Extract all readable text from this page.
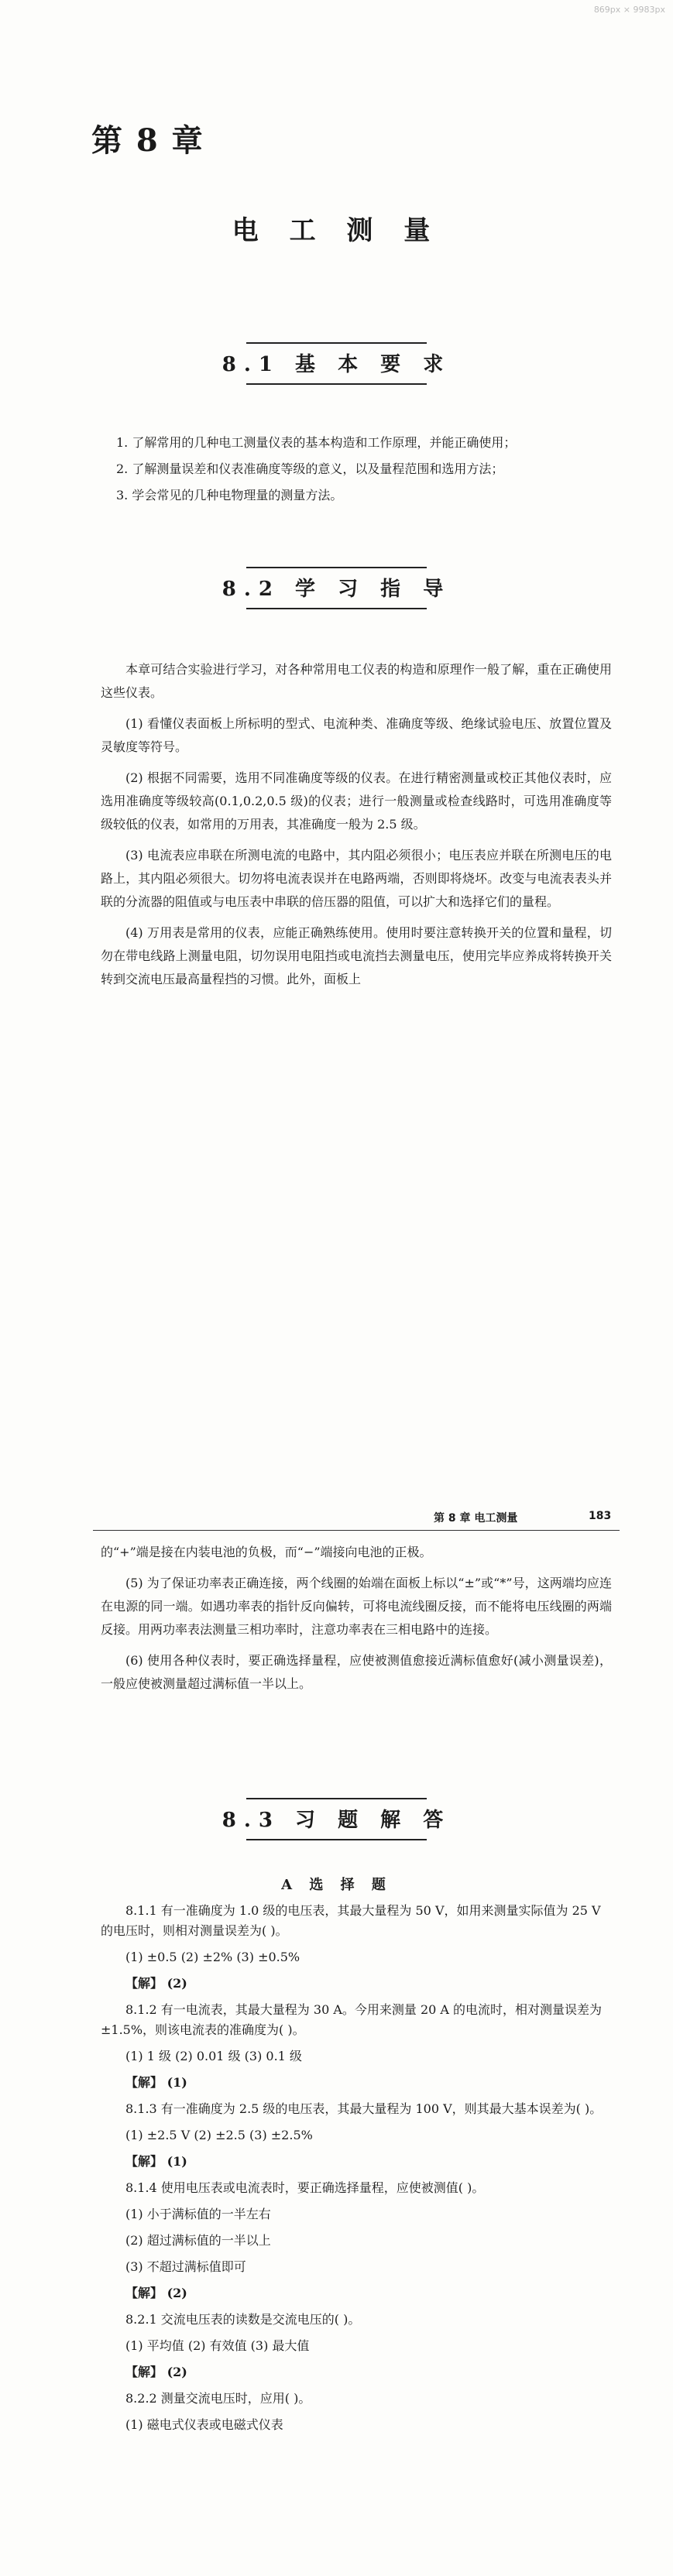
869px × 9983px
第 8 章
电 工 测 量
8.1 基 本 要 求

1. 了解常用的几种电工测量仪表的基本构造和工作原理，并能正确使用；

2. 了解测量误差和仪表准确度等级的意义，以及量程范围和选用方法；

3. 学会常见的几种电物理量的测量方法。

8.2 学 习 指 导

本章可结合实验进行学习，对各种常用电工仪表的构造和原理作一般了解，重在正确使用这些仪表。

(1) 看懂仪表面板上所标明的型式、电流种类、准确度等级、绝缘试验电压、放置位置及灵敏度等符号。

(2) 根据不同需要，选用不同准确度等级的仪表。在进行精密测量或校正其他仪表时，应选用准确度等级较高(0.1,0.2,0.5 级)的仪表；进行一般测量或检查线路时，可选用准确度等级较低的仪表，如常用的万用表，其准确度一般为 2.5 级。

(3) 电流表应串联在所测电流的电路中，其内阻必须很小；电压表应并联在所测电压的电路上，其内阻必须很大。切勿将电流表误并在电路两端，否则即将烧坏。改变与电流表表头并联的分流器的阻值或与电压表中串联的倍压器的阻值，可以扩大和选择它们的量程。

(4) 万用表是常用的仪表，应能正确熟练使用。使用时要注意转换开关的位置和量程，切勿在带电线路上测量电阻，切勿误用电阻挡或电流挡去测量电压，使用完毕应养成将转换开关转到交流电压最高量程挡的习惯。此外，面板上

第 8 章 电工测量	183

的“+”端是接在内装电池的负极，而“−”端接向电池的正极。

(5) 为了保证功率表正确连接，两个线圈的始端在面板上标以“±”或“*”号，这两端均应连在电源的同一端。如遇功率表的指针反向偏转，可将电流线圈反接，而不能将电压线圈的两端反接。用两功率表法测量三相功率时，注意功率表在三相电路中的连接。

(6) 使用各种仪表时，要正确选择量程，应使被测值愈接近满标值愈好(减小测量误差)，一般应使被测量超过满标值一半以上。

8.3 习 题 解 答
A 选 择 题

8.1.1 有一准确度为 1.0 级的电压表，其最大量程为 50 V，如用来测量实际值为 25 V 的电压时，则相对测量误差为( )。

(1) ±0.5 (2) ±2% (3) ±0.5%

【解】 (2)

8.1.2 有一电流表，其最大量程为 30 A。今用来测量 20 A 的电流时，相对测量误差为±1.5%，则该电流表的准确度为( )。

(1) 1 级 (2) 0.01 级 (3) 0.1 级

【解】 (1)

8.1.3 有一准确度为 2.5 级的电压表，其最大量程为 100 V，则其最大基本误差为( )。

(1) ±2.5 V (2) ±2.5 (3) ±2.5%

【解】 (1)

8.1.4 使用电压表或电流表时，要正确选择量程，应使被测值( )。

(1) 小于满标值的一半左右

(2) 超过满标值的一半以上

(3) 不超过满标值即可

【解】 (2)

8.2.1 交流电压表的读数是交流电压的( )。

(1) 平均值 (2) 有效值 (3) 最大值

【解】 (2)

8.2.2 测量交流电压时，应用( )。

(1) 磁电式仪表或电磁式仪表
